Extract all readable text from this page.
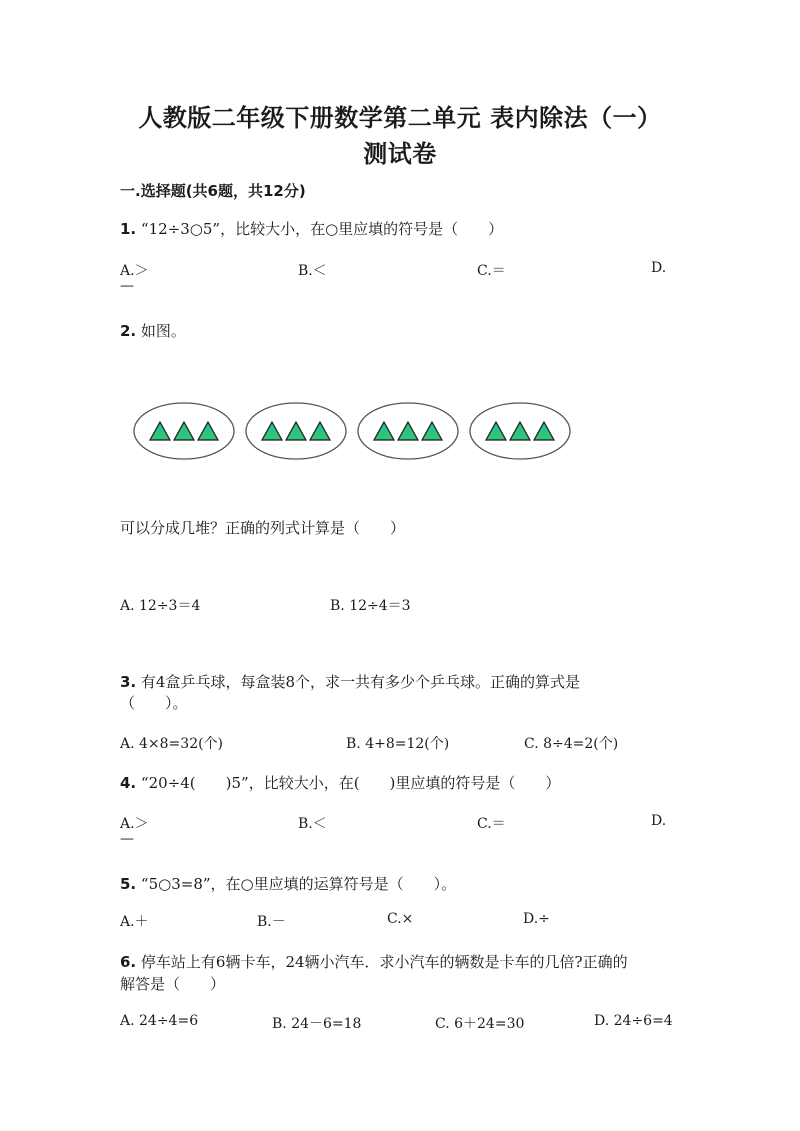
人教版二年级下册数学第二单元 表内除法（一）
测试卷
一.选择题(共6题，共12分)
1. “12÷3○5”，比较大小，在○里应填的符号是（　　）
A.＞	B.＜	C.＝	D.
—
2. 如图。
可以分成几堆？正确的列式计算是（　　）
A. 12÷3＝4	B. 12÷4＝3
3. 有4盒乒乓球，每盒装8个，求一共有多少个乒乓球。正确的算式是
（　　）。
A. 4×8=32(个)	B. 4+8=12(个)	C. 8÷4=2(个)
4. “20÷4(　　)5”，比较大小，在(　　)里应填的符号是（　　）
A.＞	B.＜	C.＝	D.
—
5. “5○3=8”，在○里应填的运算符号是（　　）。
A.＋	B.－	C.×	D.÷
6. 停车站上有6辆卡车，24辆小汽车．求小汽车的辆数是卡车的几倍?正确的
解答是（　　）
A. 24÷4=6	B. 24－6=18	C. 6＋24=30	D. 24÷6=4
